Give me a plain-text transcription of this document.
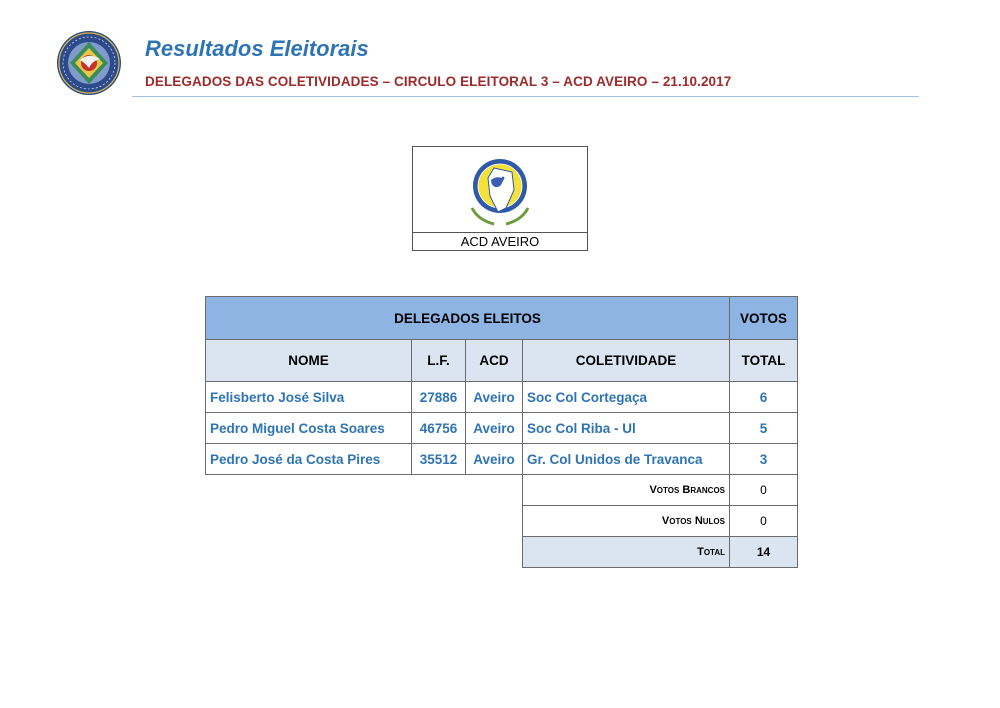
Resultados Eleitorais

DELEGADOS DAS COLETIVIDADES – CIRCULO ELEITORAL 3 – ACD AVEIRO – 21.10.2017

ACD AVEIRO
DELEGADOS ELEITOS				VOTOS
NOME	L.F.	ACD	COLETIVIDADE	TOTAL
Felisberto José Silva	27886	Aveiro	Soc Col Cortegaça	6
Pedro Miguel Costa Soares	46756	Aveiro	Soc Col Riba - Ul	5
Pedro José da Costa Pires	35512	Aveiro	Gr. Col Unidos de Travanca	3
			Votos Brancos	0
			Votos Nulos	0
			Total	14
